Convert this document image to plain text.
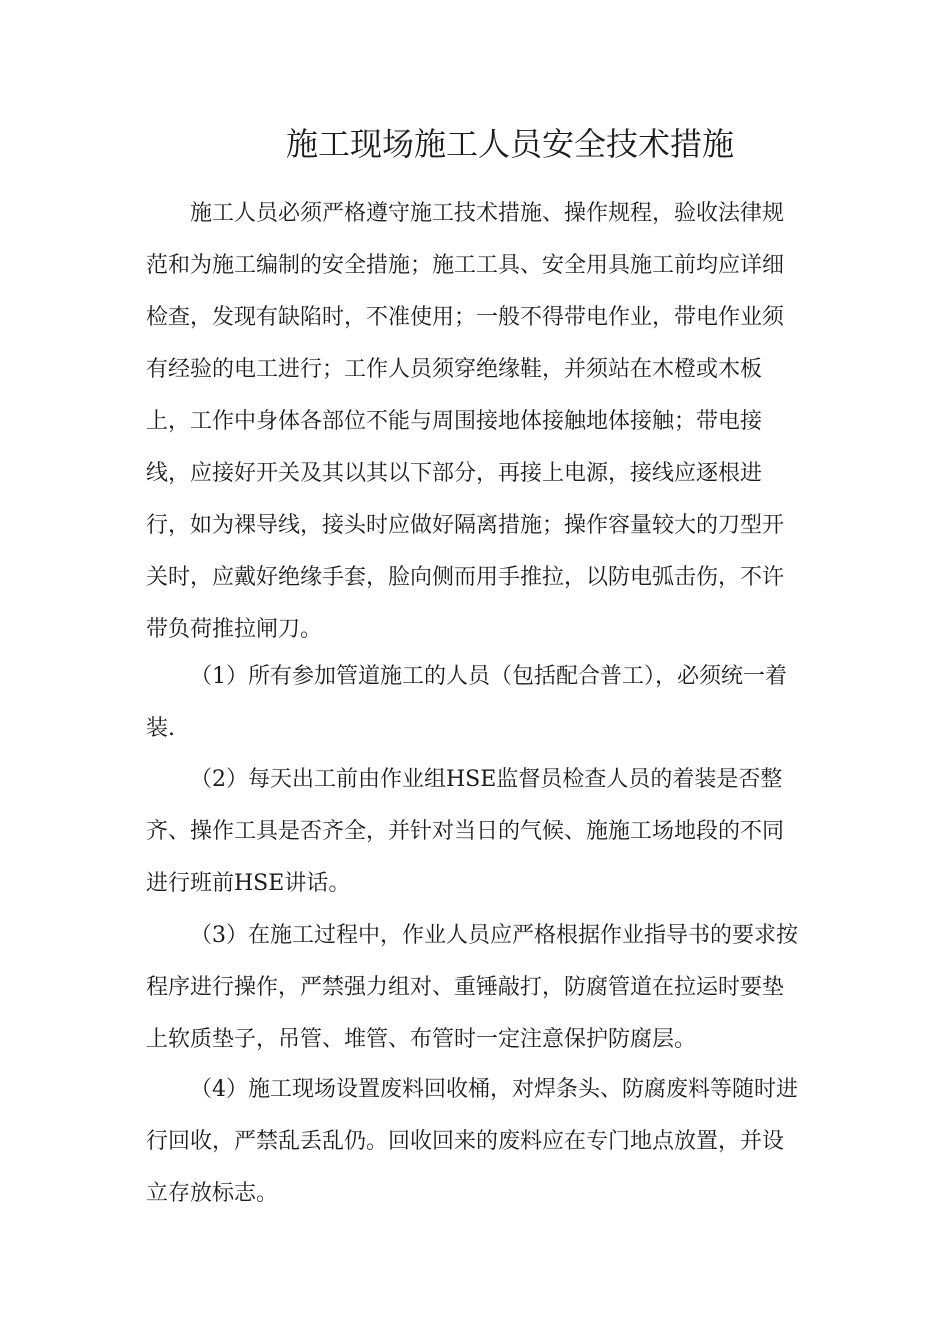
施工现场施工人员安全技术措施
施工人员必须严格遵守施工技术措施、操作规程，验收法律规
范和为施工编制的安全措施；施工工具、安全用具施工前均应详细
检查，发现有缺陷时，不准使用；一般不得带电作业，带电作业须
有经验的电工进行；工作人员须穿绝缘鞋，并须站在木橙或木板
上，工作中身体各部位不能与周围接地体接触地体接触；带电接
线，应接好开关及其以其以下部分，再接上电源，接线应逐根进
行，如为裸导线，接头时应做好隔离措施；操作容量较大的刀型开
关时，应戴好绝缘手套，脸向侧而用手推拉，以防电弧击伤，不许
带负荷推拉闸刀。
（1）所有参加管道施工的人员（包括配合普工），必须统一着
装.
（2）每天出工前由作业组HSE监督员检查人员的着装是否整
齐、操作工具是否齐全，并针对当日的气候、施施工场地段的不同
进行班前HSE讲话。
（3）在施工过程中，作业人员应严格根据作业指导书的要求按
程序进行操作，严禁强力组对、重锤敲打，防腐管道在拉运时要垫
上软质垫子，吊管、堆管、布管时一定注意保护防腐层。
（4）施工现场设置废料回收桶，对焊条头、防腐废料等随时进
行回收，严禁乱丢乱仍。回收回来的废料应在专门地点放置，并设
立存放标志。
